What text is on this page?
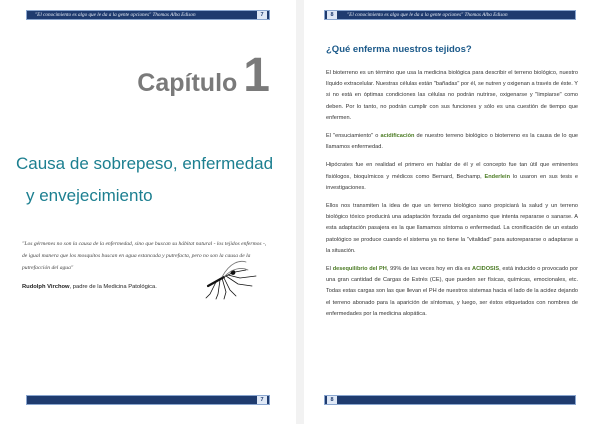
"El conocimiento es algo que le da a la gente opciones" Thomas Alba Edison	7
Capítulo 1
Causa de sobrepeso, enfermedad
y envejecimiento
"Los gérmenes no son la causa de la enfermedad, sino que buscan su hábitat natural - los tejidos enfermos -, de igual manera que los mosquitos buscan en agua estancada y putrefacta, pero no son la causa de la putrefacción del agua"
Rudolph Virchow, padre de la Medicina Patológica.
7
8	"El conocimiento es algo que le da a la gente opciones" Thomas Alba Edison
¿Qué enferma nuestros tejidos?

El bioterreno es un término que usa la medicina biológica para describir el terreno biológico, nuestro líquido extracelular. Nuestras células están "bañadas" por él, se nutren y oxigenan a través de éste. Y si no está en óptimas condiciones las células no podrán nutrirse, oxigenarse y "limpiarse" como deben. Por lo tanto, no podrán cumplir con sus funciones y sólo es una cuestión de tiempo que enfermen.

El "ensuciamiento" o acidificación de nuestro terreno biológico o bioterreno es la causa de lo que llamamos enfermedad.

Hipócrates fue en realidad el primero en hablar de él y el concepto fue tan útil que eminentes fisiólogos, bioquímicos y médicos como Bernard, Bechamp, Enderlein lo usaron en sus tesis e investigaciones.

Ellos nos transmiten la idea de que un terreno biológico sano propiciará la salud y un terreno biológico tóxico producirá una adaptación forzada del organismo que intenta repararse o sanarse. A esta adaptación pasajera es la que llamamos síntoma o enfermedad. La cronificación de un estado patológico se produce cuando el sistema ya no tiene la "vitalidad" para autorepararse o adaptarse a la situación.

El desequilibrio del PH, 99% de las veces hoy en día es ACIDOSIS, está inducido o provocado por una gran cantidad de Cargas de Estrés (CE), que pueden ser físicas, químicas, emocionales, etc. Todas estas cargas son las que llevan el PH de nuestros sistemas hacia el lado de la acidez dejando el terreno abonado para la aparición de síntomas, y luego, ser éstos etiquetados con nombres de enfermedades por la medicina alopática.

8
